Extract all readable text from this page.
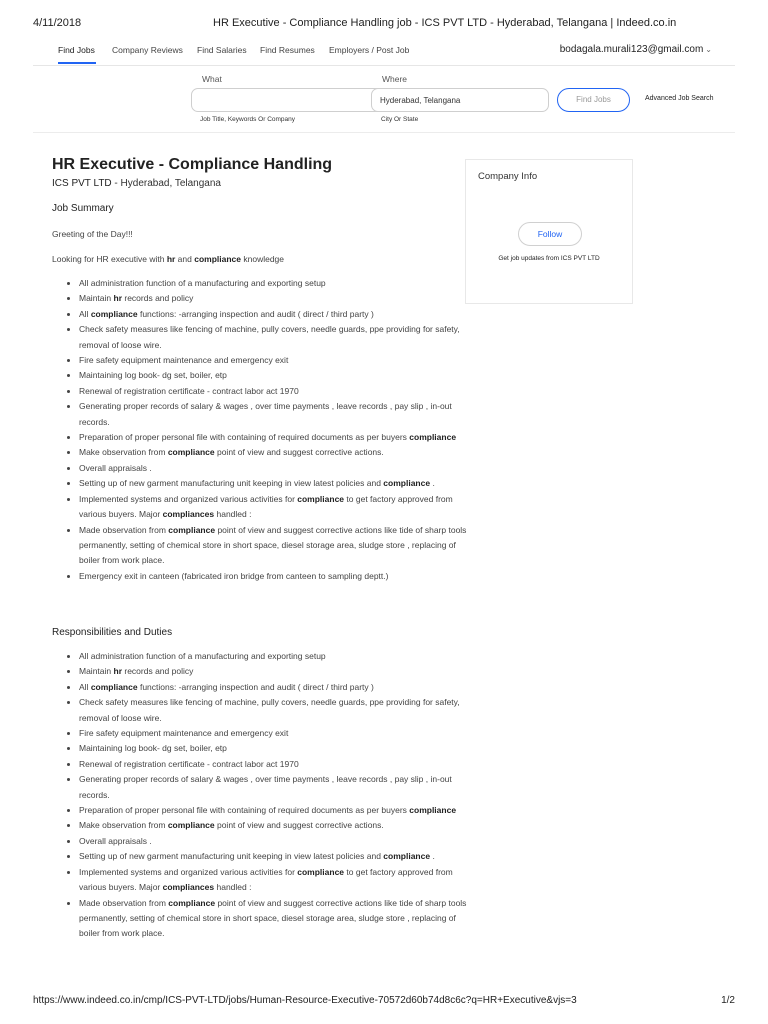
4/11/2018	HR Executive - Compliance Handling job - ICS PVT LTD - Hyderabad, Telangana | Indeed.co.in
Find Jobs Company Reviews Find Salaries Find Resumes Employers / Post Job	bodagala.murali123@gmail.com ⌄
What
Job Title, Keywords Or Company
Where
Hyderabad, Telangana
City Or State
Find Jobs	Advanced Job Search
HR Executive - Compliance Handling
ICS PVT LTD - Hyderabad, Telangana
Job Summary
Greeting of the Day!!!
Looking for HR executive with hr and compliance knowledge
• All administration function of a manufacturing and exporting setup
• Maintain hr records and policy
• All compliance functions: -arranging inspection and audit ( direct / third party )
• Check safety measures like fencing of machine, pully covers, needle guards, ppe providing for safety, removal of loose wire.
• Fire safety equipment maintenance and emergency exit
• Maintaining log book- dg set, boiler, etp
• Renewal of registration certificate - contract labor act 1970
• Generating proper records of salary & wages , over time payments , leave records , pay slip , in-out records.
• Preparation of proper personal file with containing of required documents as per buyers compliance
• Make observation from compliance point of view and suggest corrective actions.
• Overall appraisals .
• Setting up of new garment manufacturing unit keeping in view latest policies and compliance .
• Implemented systems and organized various activities for compliance to get factory approved from various buyers. Major compliances handled :
• Made observation from compliance point of view and suggest corrective actions like tide of sharp tools permanently, setting of chemical store in short space, diesel storage area, sludge store , replacing of boiler from work place.
• Emergency exit in canteen (fabricated iron bridge from canteen to sampling deptt.)
Responsibilities and Duties
• All administration function of a manufacturing and exporting setup
• Maintain hr records and policy
• All compliance functions: -arranging inspection and audit ( direct / third party )
• Check safety measures like fencing of machine, pully covers, needle guards, ppe providing for safety, removal of loose wire.
• Fire safety equipment maintenance and emergency exit
• Maintaining log book- dg set, boiler, etp
• Renewal of registration certificate - contract labor act 1970
• Generating proper records of salary & wages , over time payments , leave records , pay slip , in-out records.
• Preparation of proper personal file with containing of required documents as per buyers compliance
• Make observation from compliance point of view and suggest corrective actions.
• Overall appraisals .
• Setting up of new garment manufacturing unit keeping in view latest policies and compliance .
• Implemented systems and organized various activities for compliance to get factory approved from various buyers. Major compliances handled :
• Made observation from compliance point of view and suggest corrective actions like tide of sharp tools permanently, setting of chemical store in short space, diesel storage area, sludge store , replacing of boiler from work place.
Company Info
Follow
Get job updates from ICS PVT LTD
https://www.indeed.co.in/cmp/ICS-PVT-LTD/jobs/Human-Resource-Executive-70572d60b74d8c6c?q=HR+Executive&vjs=3	1/2
